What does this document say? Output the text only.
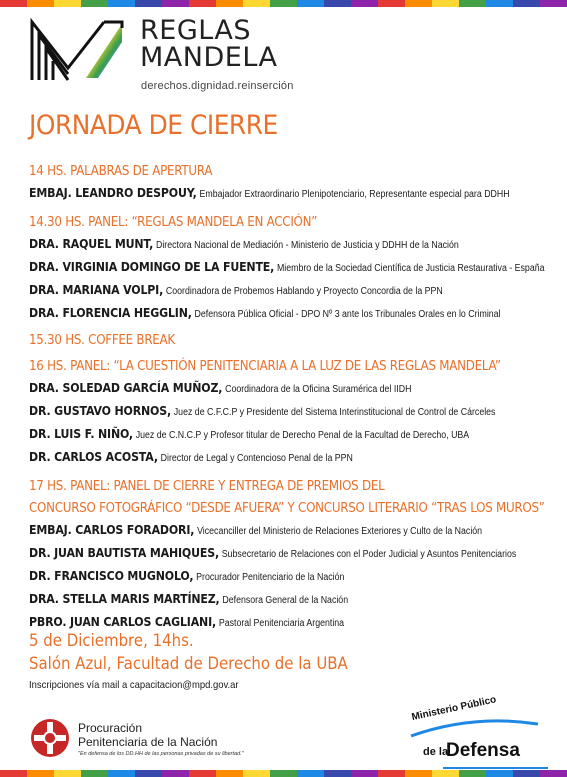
REGLAS
MANDELA
derechos.dignidad.reinserción
JORNADA DE CIERRE
14 HS. PALABRAS DE APERTURA
EMBAJ. LEANDRO DESPOUY, Embajador Extraordinario Plenipotenciario, Representante especial para DDHH
14.30 HS. PANEL: “REGLAS MANDELA EN ACCIÓN”
DRA. RAQUEL MUNT, Directora Nacional de Mediación - Ministerio de Justicia y DDHH de la Nación
DRA. VIRGINIA DOMINGO DE LA FUENTE, Miembro de la Sociedad Científica de Justicia Restaurativa - España
DRA. MARIANA VOLPI, Coordinadora de Probemos Hablando y Proyecto Concordia de la PPN
DRA. FLORENCIA HEGGLIN, Defensora Pública Oficial - DPO Nº 3 ante los Tribunales Orales en lo Criminal
15.30 HS. COFFEE BREAK
16 HS. PANEL: “LA CUESTIÓN PENITENCIARIA A LA LUZ DE LAS REGLAS MANDELA”
DRA. SOLEDAD GARCÍA MUÑOZ, Coordinadora de la Oficina Suraméricа del IIDH
DR. GUSTAVO HORNOS, Juez de C.F.C.P y Presidente del Sistema Interinstitucional de Control de Cárceles
DR. LUIS F. NIÑO, Juez de C.N.C.P y Profesor titular de Derecho Penal de la Facultad de Derecho, UBA
DR. CARLOS ACOSTA, Director de Legal y Contencioso Penal de la PPN
17 HS. PANEL: PANEL DE CIERRE Y ENTREGA DE PREMIOS DEL
CONCURSO FOTOGRÁFICO “DESDE AFUERA” Y CONCURSO LITERARIO “TRAS LOS MUROS”
EMBAJ. CARLOS FORADORI, Vicecanciller del Ministerio de Relaciones Exteriores y Culto de la Nación
DR. JUAN BAUTISTA MAHIQUES, Subsecretario de Relaciones con el Poder Judicial y Asuntos Penitenciarios
DR. FRANCISCO MUGNOLO, Procurador Penitenciario de la Nación
DRA. STELLA MARIS MARTÍNEZ, Defensora General de la Nación
PBRO. JUAN CARLOS CAGLIANI, Pastoral Penitenciaria Argentina
5 de Diciembre, 14hs.
Salón Azul, Facultad de Derecho de la UBA
Inscripciones vía mail a capacitacion@mpd.gov.ar
Procuración
Penitenciaria de la Nación
"En defensa de los DD.HH de las personas privadas de su libertad."
Ministerio Público
de la
Defensa
